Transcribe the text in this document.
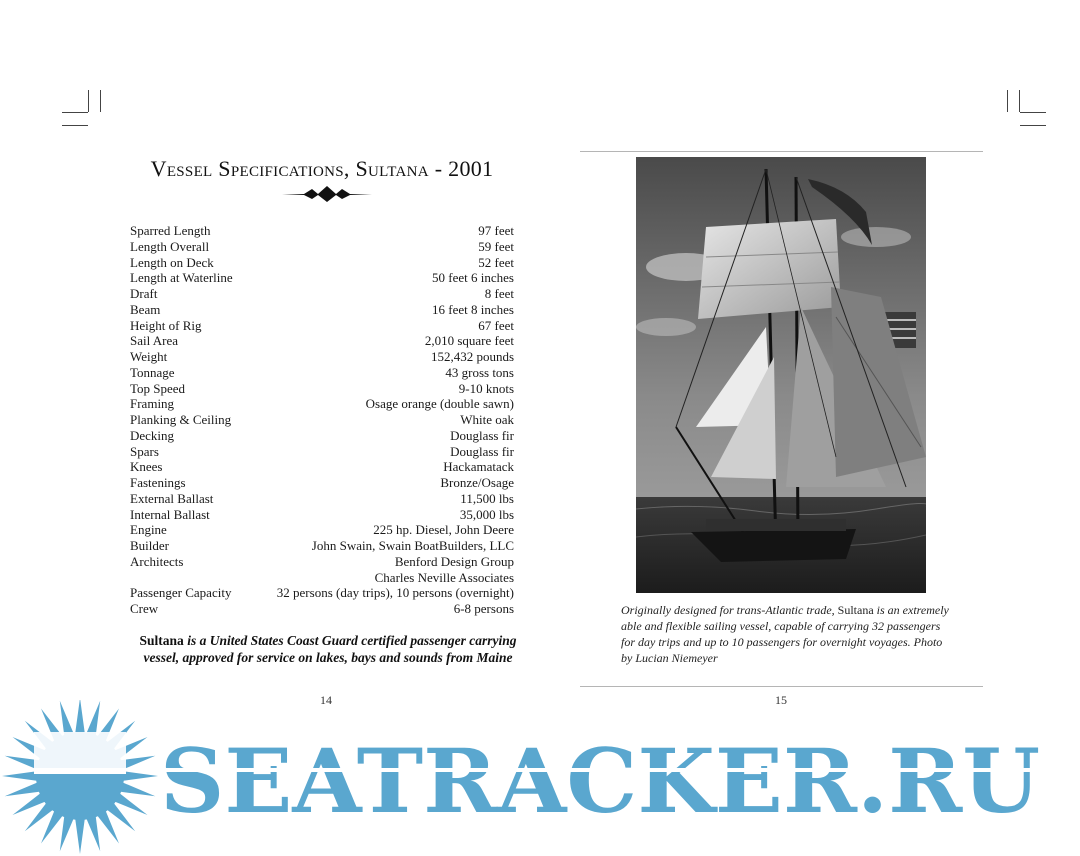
Vessel Specifications, Sultana - 2001
Sparred Length	97 feet
Length Overall	59 feet
Length on Deck	52 feet
Length at Waterline	50 feet 6 inches
Draft	8 feet
Beam	16 feet 8 inches
Height of Rig	67 feet
Sail Area	2,010 square feet
Weight	152,432 pounds
Tonnage	43 gross tons
Top Speed	9-10 knots
Framing	Osage orange (double sawn)
Planking & Ceiling	White oak
Decking	Douglass fir
Spars	Douglass fir
Knees	Hackamatack
Fastenings	Bronze/Osage
External Ballast	11,500 lbs
Internal Ballast	35,000 lbs
Engine	225 hp. Diesel, John Deere
Builder	John Swain, Swain BoatBuilders, LLC
Architects	Benford Design Group
	Charles Neville Associates
Passenger Capacity	32 persons (day trips), 10 persons (overnight)
Crew	6-8 persons
Sultana is a United States Coast Guard certified passenger carrying vessel, approved for service on lakes, bays and sounds from Maine
14
Originally designed for trans-Atlantic trade, Sultana is an extremely able and flexible sailing vessel, capable of carrying 32 passengers for day trips and up to 10 passengers for overnight voyages. Photo by Lucian Niemeyer
15
SEATRACKER.RU
